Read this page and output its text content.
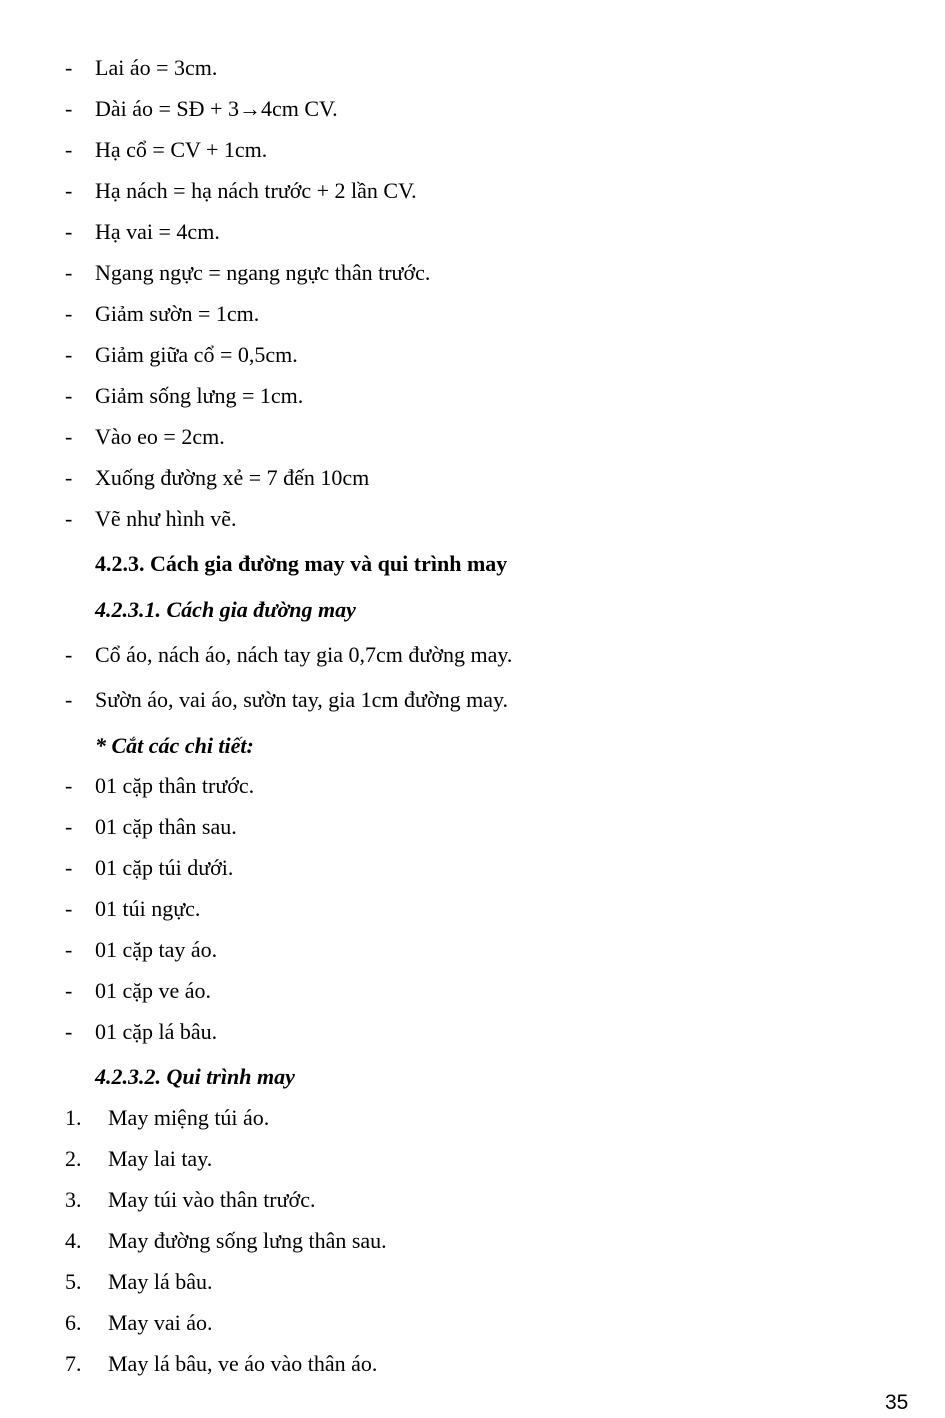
- Lai áo = 3cm.
- Dài áo = SĐ + 3→4cm CV.
- Hạ cổ = CV + 1cm.
- Hạ nách = hạ nách trước + 2 lần CV.
- Hạ vai = 4cm.
- Ngang ngực = ngang ngực thân trước.
- Giảm sườn = 1cm.
- Giảm giữa cổ = 0,5cm.
- Giảm sống lưng = 1cm.
- Vào eo = 2cm.
- Xuống đường xẻ = 7 đến 10cm
- Vẽ như hình vẽ.
4.2.3. Cách gia đường may và qui trình may
4.2.3.1. Cách gia đường may
- Cổ áo, nách áo, nách tay gia 0,7cm đường may.
- Sườn áo, vai áo, sườn tay, gia 1cm đường may.
* Cắt các chi tiết:
- 01 cặp thân trước.
- 01 cặp thân sau.
- 01 cặp túi dưới.
- 01 túi ngực.
- 01 cặp tay áo.
- 01 cặp ve áo.
- 01 cặp lá bâu.
4.2.3.2. Qui trình may
1. May miệng túi áo.
2. May lai tay.
3. May túi vào thân trước.
4. May đường sống lưng thân sau.
5. May lá bâu.
6. May vai áo.
7. May lá bâu, ve áo vào thân áo.
35
